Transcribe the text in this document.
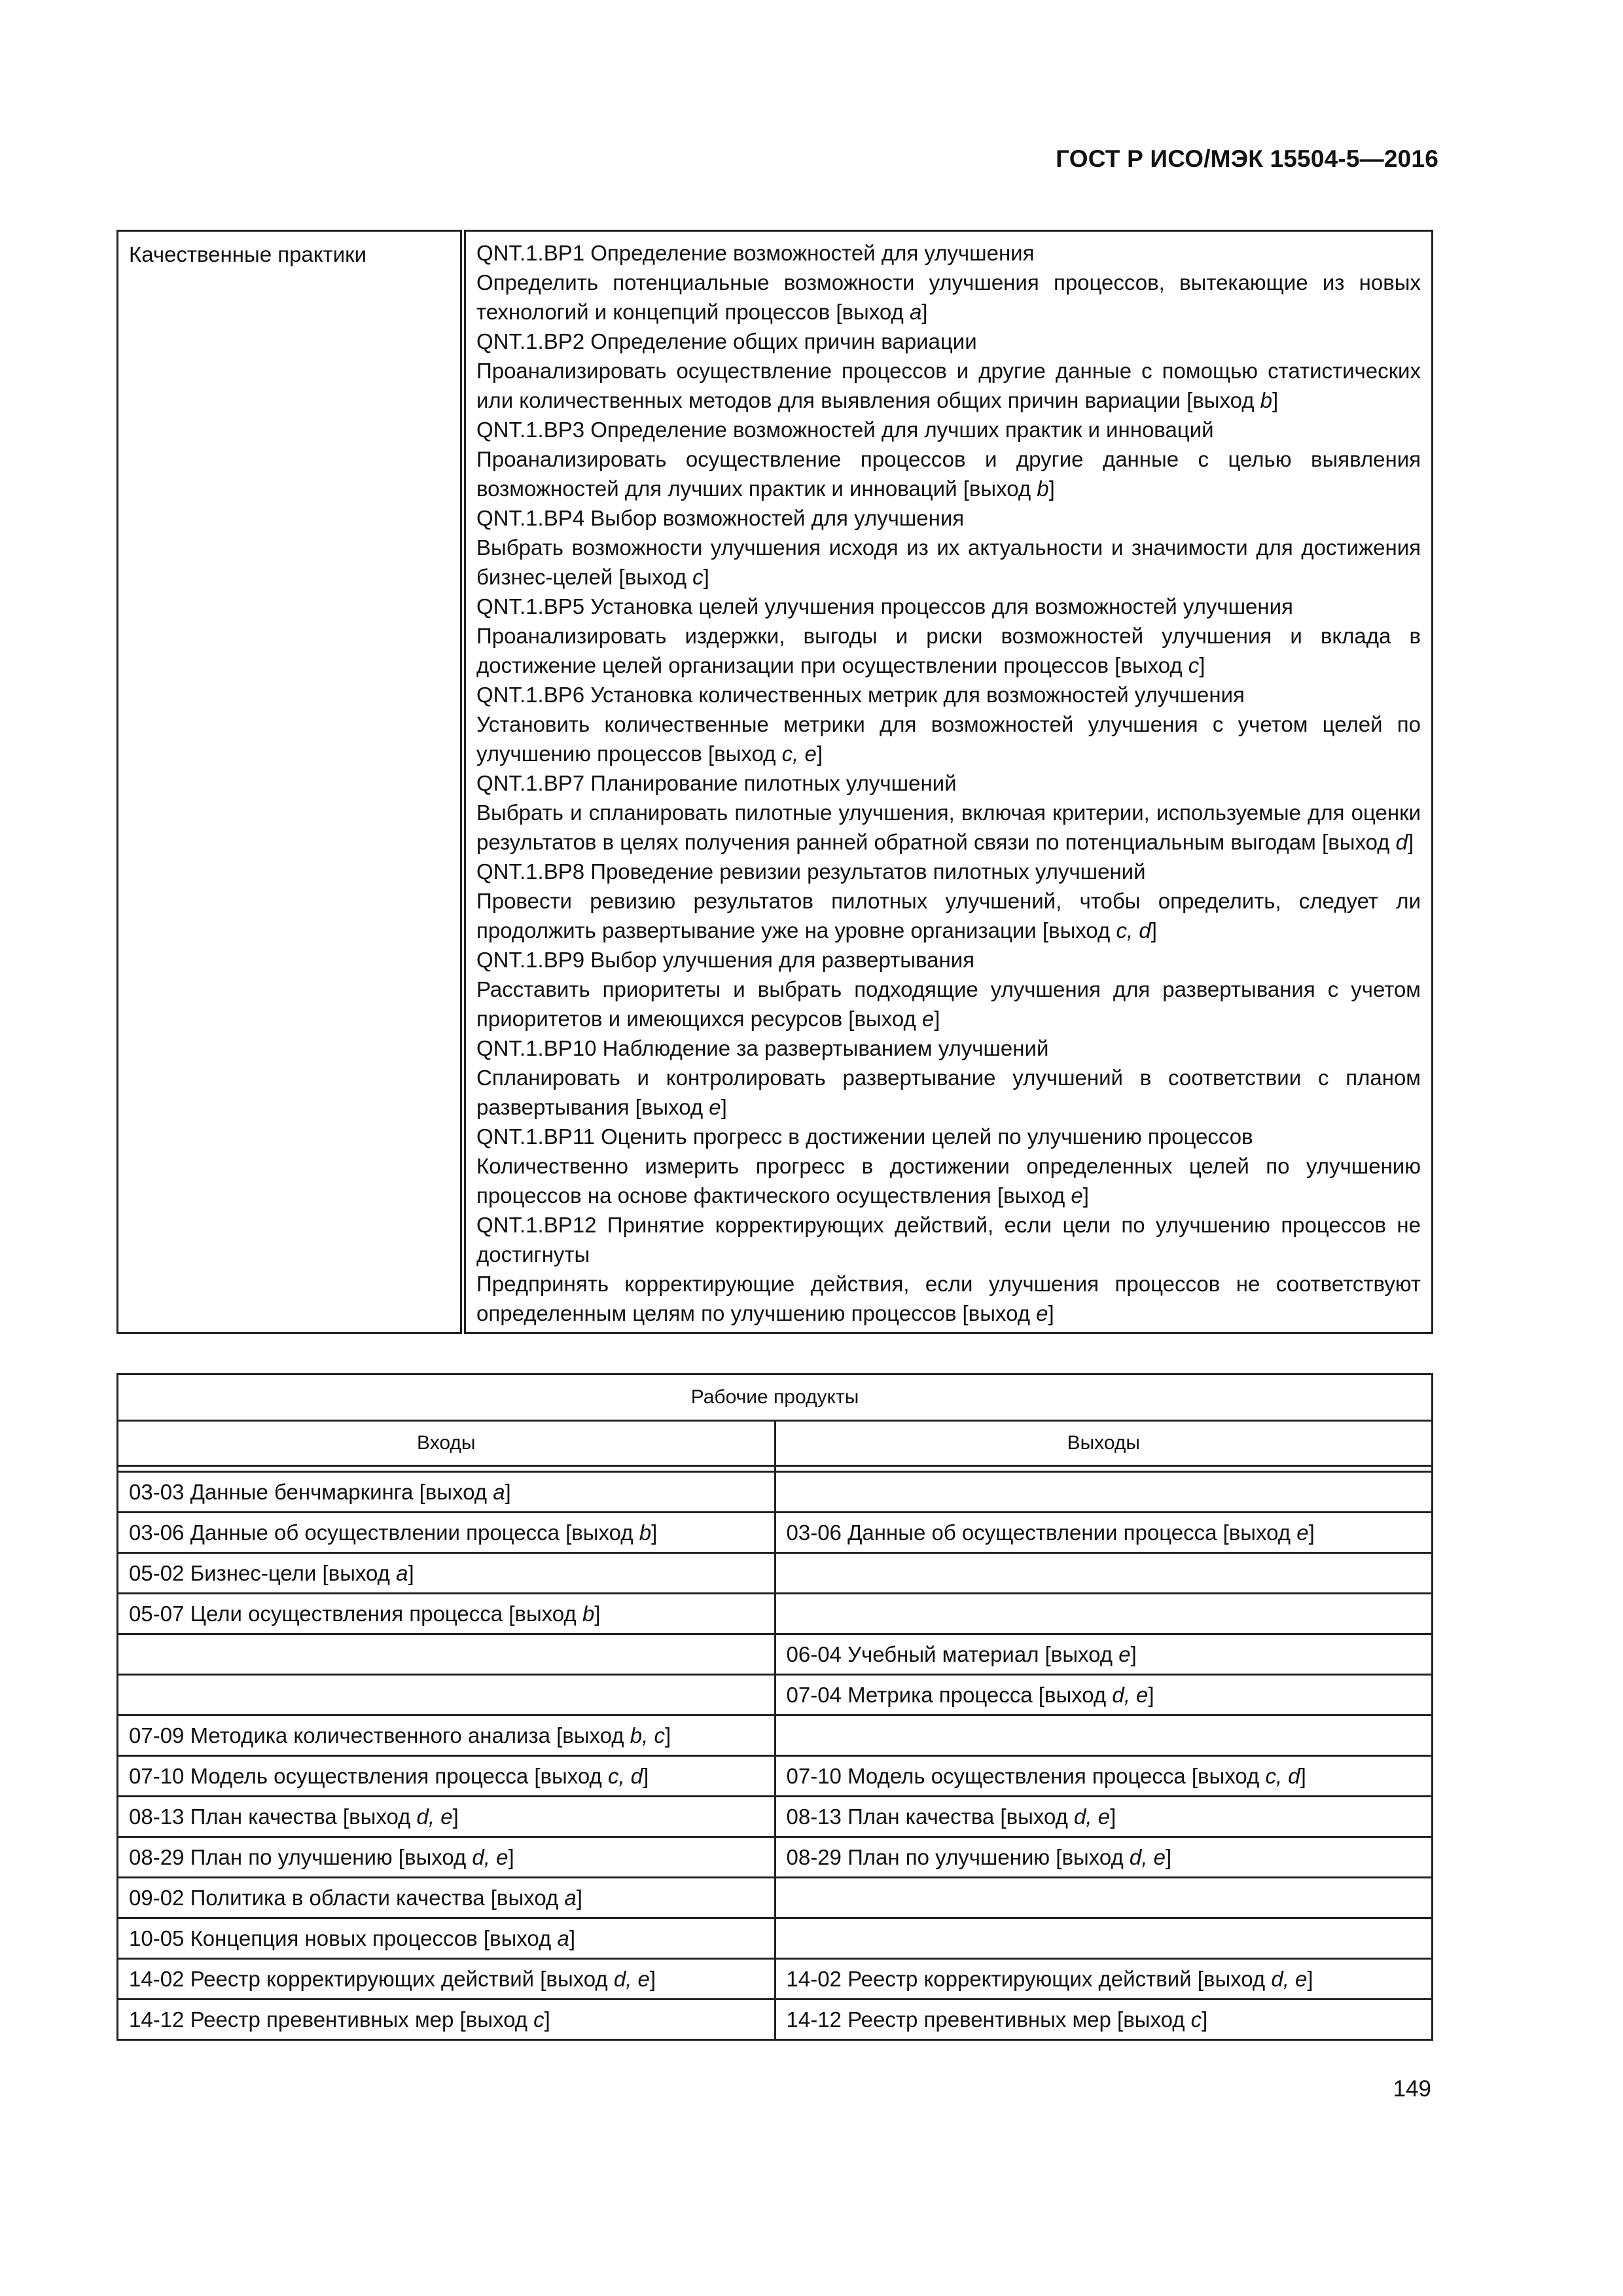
ГОСТ Р ИСО/МЭК 15504-5—2016
Качественные практики	QNT.1.BP1 Определение возможностей для улучшения
Определить потенциальные возможности улучшения процессов, вытекающие из новых технологий и концепций процессов [выход a]
QNT.1.BP2 Определение общих причин вариации
Проанализировать осуществление процессов и другие данные с помощью статистических или количественных методов для выявления общих причин вариации [выход b]
QNT.1.BP3 Определение возможностей для лучших практик и инноваций
Проанализировать осуществление процессов и другие данные с целью выявления возможностей для лучших практик и инноваций [выход b]
QNT.1.BP4 Выбор возможностей для улучшения
Выбрать возможности улучшения исходя из их актуальности и значимости для достижения бизнес-целей [выход c]
QNT.1.BP5 Установка целей улучшения процессов для возможностей улучшения
Проанализировать издержки, выгоды и риски возможностей улучшения и вклада в достижение целей организации при осуществлении процессов [выход c]
QNT.1.BP6 Установка количественных метрик для возможностей улучшения
Установить количественные метрики для возможностей улучшения с учетом целей по улучшению процессов [выход c, e]
QNT.1.BP7 Планирование пилотных улучшений
Выбрать и спланировать пилотные улучшения, включая критерии, используемые для оценки результатов в целях получения ранней обратной связи по потенциальным выгодам [выход d]
QNT.1.BP8 Проведение ревизии результатов пилотных улучшений
Провести ревизию результатов пилотных улучшений, чтобы определить, следует ли продолжить развертывание уже на уровне организации [выход c, d]
QNT.1.BP9 Выбор улучшения для развертывания
Расставить приоритеты и выбрать подходящие улучшения для развертывания с учетом приоритетов и имеющихся ресурсов [выход e]
QNT.1.BP10 Наблюдение за развертыванием улучшений
Спланировать и контролировать развертывание улучшений в соответствии с планом развертывания [выход e]
QNT.1.BP11 Оценить прогресс в достижении целей по улучшению процессов
Количественно измерить прогресс в достижении определенных целей по улучшению процессов на основе фактического осуществления [выход e]
QNT.1.BP12 Принятие корректирующих действий, если цели по улучшению процессов не достигнуты
Предпринять корректирующие действия, если улучшения процессов не соответствуют определенным целям по улучшению процессов [выход e]
Рабочие продукты	
Входы	Выходы

03-03 Данные бенчмаркинга [выход a]	
03-06 Данные об осуществлении процесса [выход b]	03-06 Данные об осуществлении процесса [выход e]
05-02 Бизнес-цели [выход a]	
05-07 Цели осуществления процесса [выход b]	
	06-04 Учебный материал [выход e]
	07-04 Метрика процесса [выход d, e]
07-09 Методика количественного анализа [выход b, c]	
07-10 Модель осуществления процесса [выход c, d]	07-10 Модель осуществления процесса [выход c, d]
08-13 План качества [выход d, e]	08-13 План качества [выход d, e]
08-29 План по улучшению [выход d, e]	08-29 План по улучшению [выход d, e]
09-02 Политика в области качества [выход a]	
10-05 Концепция новых процессов [выход a]	
14-02 Реестр корректирующих действий [выход d, e]	14-02 Реестр корректирующих действий [выход d, e]
14-12 Реестр превентивных мер [выход c]	14-12 Реестр превентивных мер [выход c]
149
